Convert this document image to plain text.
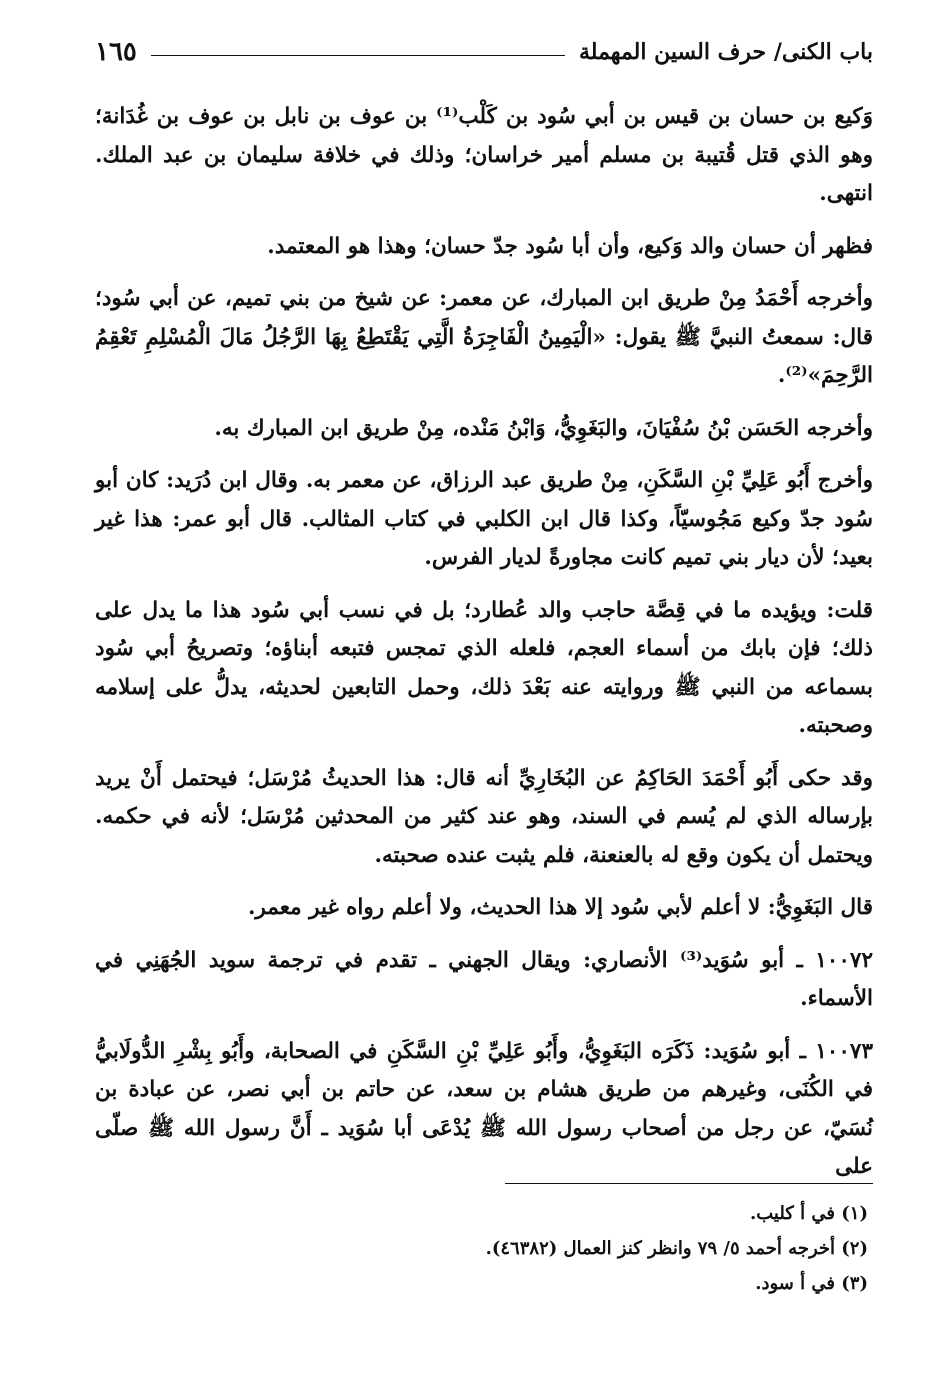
باب الكنى/ حرف السين المهملة
١٦٥

وَكيع بن حسان بن قيس بن أبي سُود بن كَلْب⁽¹⁾ بن عوف بن نابل بن عوف بن غُدَانة؛ وهو الذي قتل قُتيبة بن مسلم أمير خراسان؛ وذلك في خلافة سليمان بن عبد الملك. انتهى.

فظهر أن حسان والد وَكيع، وأن أبا سُود جدّ حسان؛ وهذا هو المعتمد.

وأخرجه أَحْمَدُ مِنْ طريق ابن المبارك، عن معمر: عن شيخ من بني تميم، عن أبي سُود؛ قال: سمعتُ النبيَّ ﷺ يقول: «الْيَمِينُ الْفَاجِرَةُ الَّتِي يَقْتَطِعُ بِهَا الرَّجُلُ مَالَ الْمُسْلِمِ تَعْقِمُ الرَّحِمَ»⁽²⁾.

وأخرجه الحَسَن بْنُ سُفْيَانَ، والبَغَوِيُّ، وَابْنُ مَنْده، مِنْ طريق ابن المبارك به.

وأخرج أَبُو عَلِيِّ بْنِ السَّكَنِ، مِنْ طريق عبد الرزاق، عن معمر به. وقال ابن دُرَيد: كان أبو سُود جدّ وكيع مَجُوسيّاً، وكذا قال ابن الكلبي في كتاب المثالب. قال أبو عمر: هذا غير بعيد؛ لأن ديار بني تميم كانت مجاورةً لديار الفرس.

قلت: ويؤيده ما في قِصَّة حاجب والد عُطارد؛ بل في نسب أبي سُود هذا ما يدل على ذلك؛ فإن بابك من أسماء العجم، فلعله الذي تمجس فتبعه أبناؤه؛ وتصريحُ أبي سُود بسماعه من النبي ﷺ وروايته عنه بَعْدَ ذلك، وحمل التابعين لحديثه، يدلُّ على إسلامه وصحبته.

وقد حكى أَبُو أَحْمَدَ الحَاكِمُ عن البُخَارِيِّ أنه قال: هذا الحديثُ مُرْسَل؛ فيحتمل أَنْ يريد بإرساله الذي لم يُسم في السند، وهو عند كثير من المحدثين مُرْسَل؛ لأنه في حكمه. ويحتمل أن يكون وقع له بالعنعنة، فلم يثبت عنده صحبته.

قال البَغَوِيُّ: لا أعلم لأبي سُود إلا هذا الحديث، ولا أعلم رواه غير معمر.

١٠٠٧٢ ـ أبو سُوَيد⁽³⁾ الأنصاري: ويقال الجهني ـ تقدم في ترجمة سويد الجُهَنِي في الأسماء.

١٠٠٧٣ ـ أبو سُوَيد: ذَكَرَه البَغَوِيُّ، وأَبُو عَلِيِّ بْنِ السَّكَنِ في الصحابة، وأَبُو بِشْرِ الدُّولَابيُّ في الكُنَى، وغيرهم من طريق هشام بن سعد، عن حاتم بن أبي نصر، عن عبادة بن نُسَيّ، عن رجل من أصحاب رسول الله ﷺ يُدْعَى أبا سُوَيد ـ أَنَّ رسول الله ﷺ صلّى على

(١) في أ كليب.

(٢) أخرجه أحمد ٥/ ٧٩ وانظر كنز العمال (٤٦٣٨٢).

(٣) في أ سود.
